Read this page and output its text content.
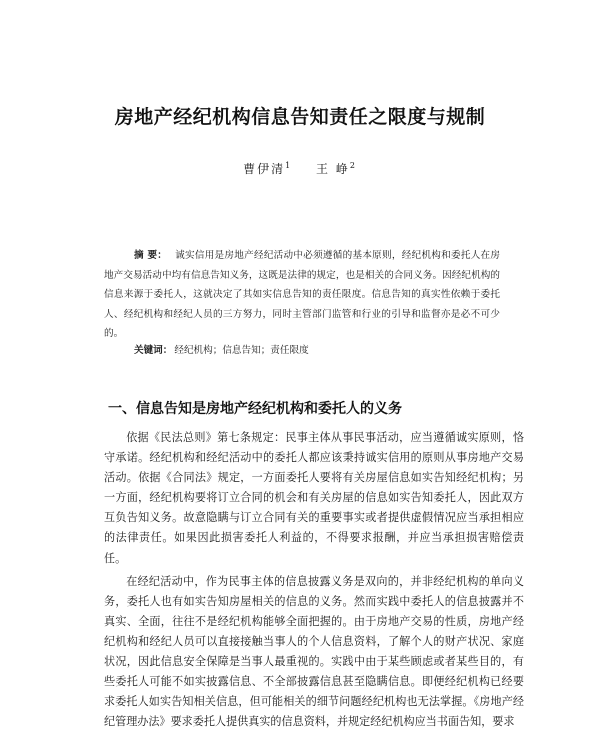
房地产经纪机构信息告知责任之限度与规制
曹伊清$^1$ 王 峥$^2$
摘 要： 诚实信用是房地产经纪活动中必须遵循的基本原则，经纪机构和委托人在房地产交易活动中均有信息告知义务，这既是法律的规定，也是相关的合同义务。因经纪机构的信息来源于委托人，这就决定了其如实信息告知的责任限度。信息告知的真实性依赖于委托人、经纪机构和经纪人员的三方努力，同时主管部门监管和行业的引导和监督亦是必不可少的。
关键词： 经纪机构；信息告知；责任限度
一、信息告知是房地产经纪机构和委托人的义务

依据《民法总则》第七条规定：民事主体从事民事活动，应当遵循诚实原则，恪守承诺。经纪机构和经纪活动中的委托人都应该秉持诚实信用的原则从事房地产交易活动。依据《合同法》规定，一方面委托人要将有关房屋信息如实告知经纪机构；另一方面，经纪机构要将订立合同的机会和有关房屋的信息如实告知委托人，因此双方互负告知义务。故意隐瞒与订立合同有关的重要事实或者提供虚假情况应当承担相应的法律责任。如果因此损害委托人利益的，不得要求报酬，并应当承担损害赔偿责任。

在经纪活动中，作为民事主体的信息披露义务是双向的，并非经纪机构的单向义务，委托人也有如实告知房屋相关的信息的义务。然而实践中委托人的信息披露并不真实、全面，往往不是经纪机构能够全面把握的。由于房地产交易的性质，房地产经纪机构和经纪人员可以直接接触当事人的个人信息资料，了解个人的财产状况、家庭状况，因此信息安全保障是当事人最重视的。实践中由于某些顾虑或者某些目的，有些委托人可能不如实披露信息、不全部披露信息甚至隐瞒信息。即便经纪机构已经要求委托人如实告知相关信息，但可能相关的细节问题经纪机构也无法掌握。《房地产经纪管理办法》要求委托人提供真实的信息资料，并规定经纪机构应当书面告知，要求
